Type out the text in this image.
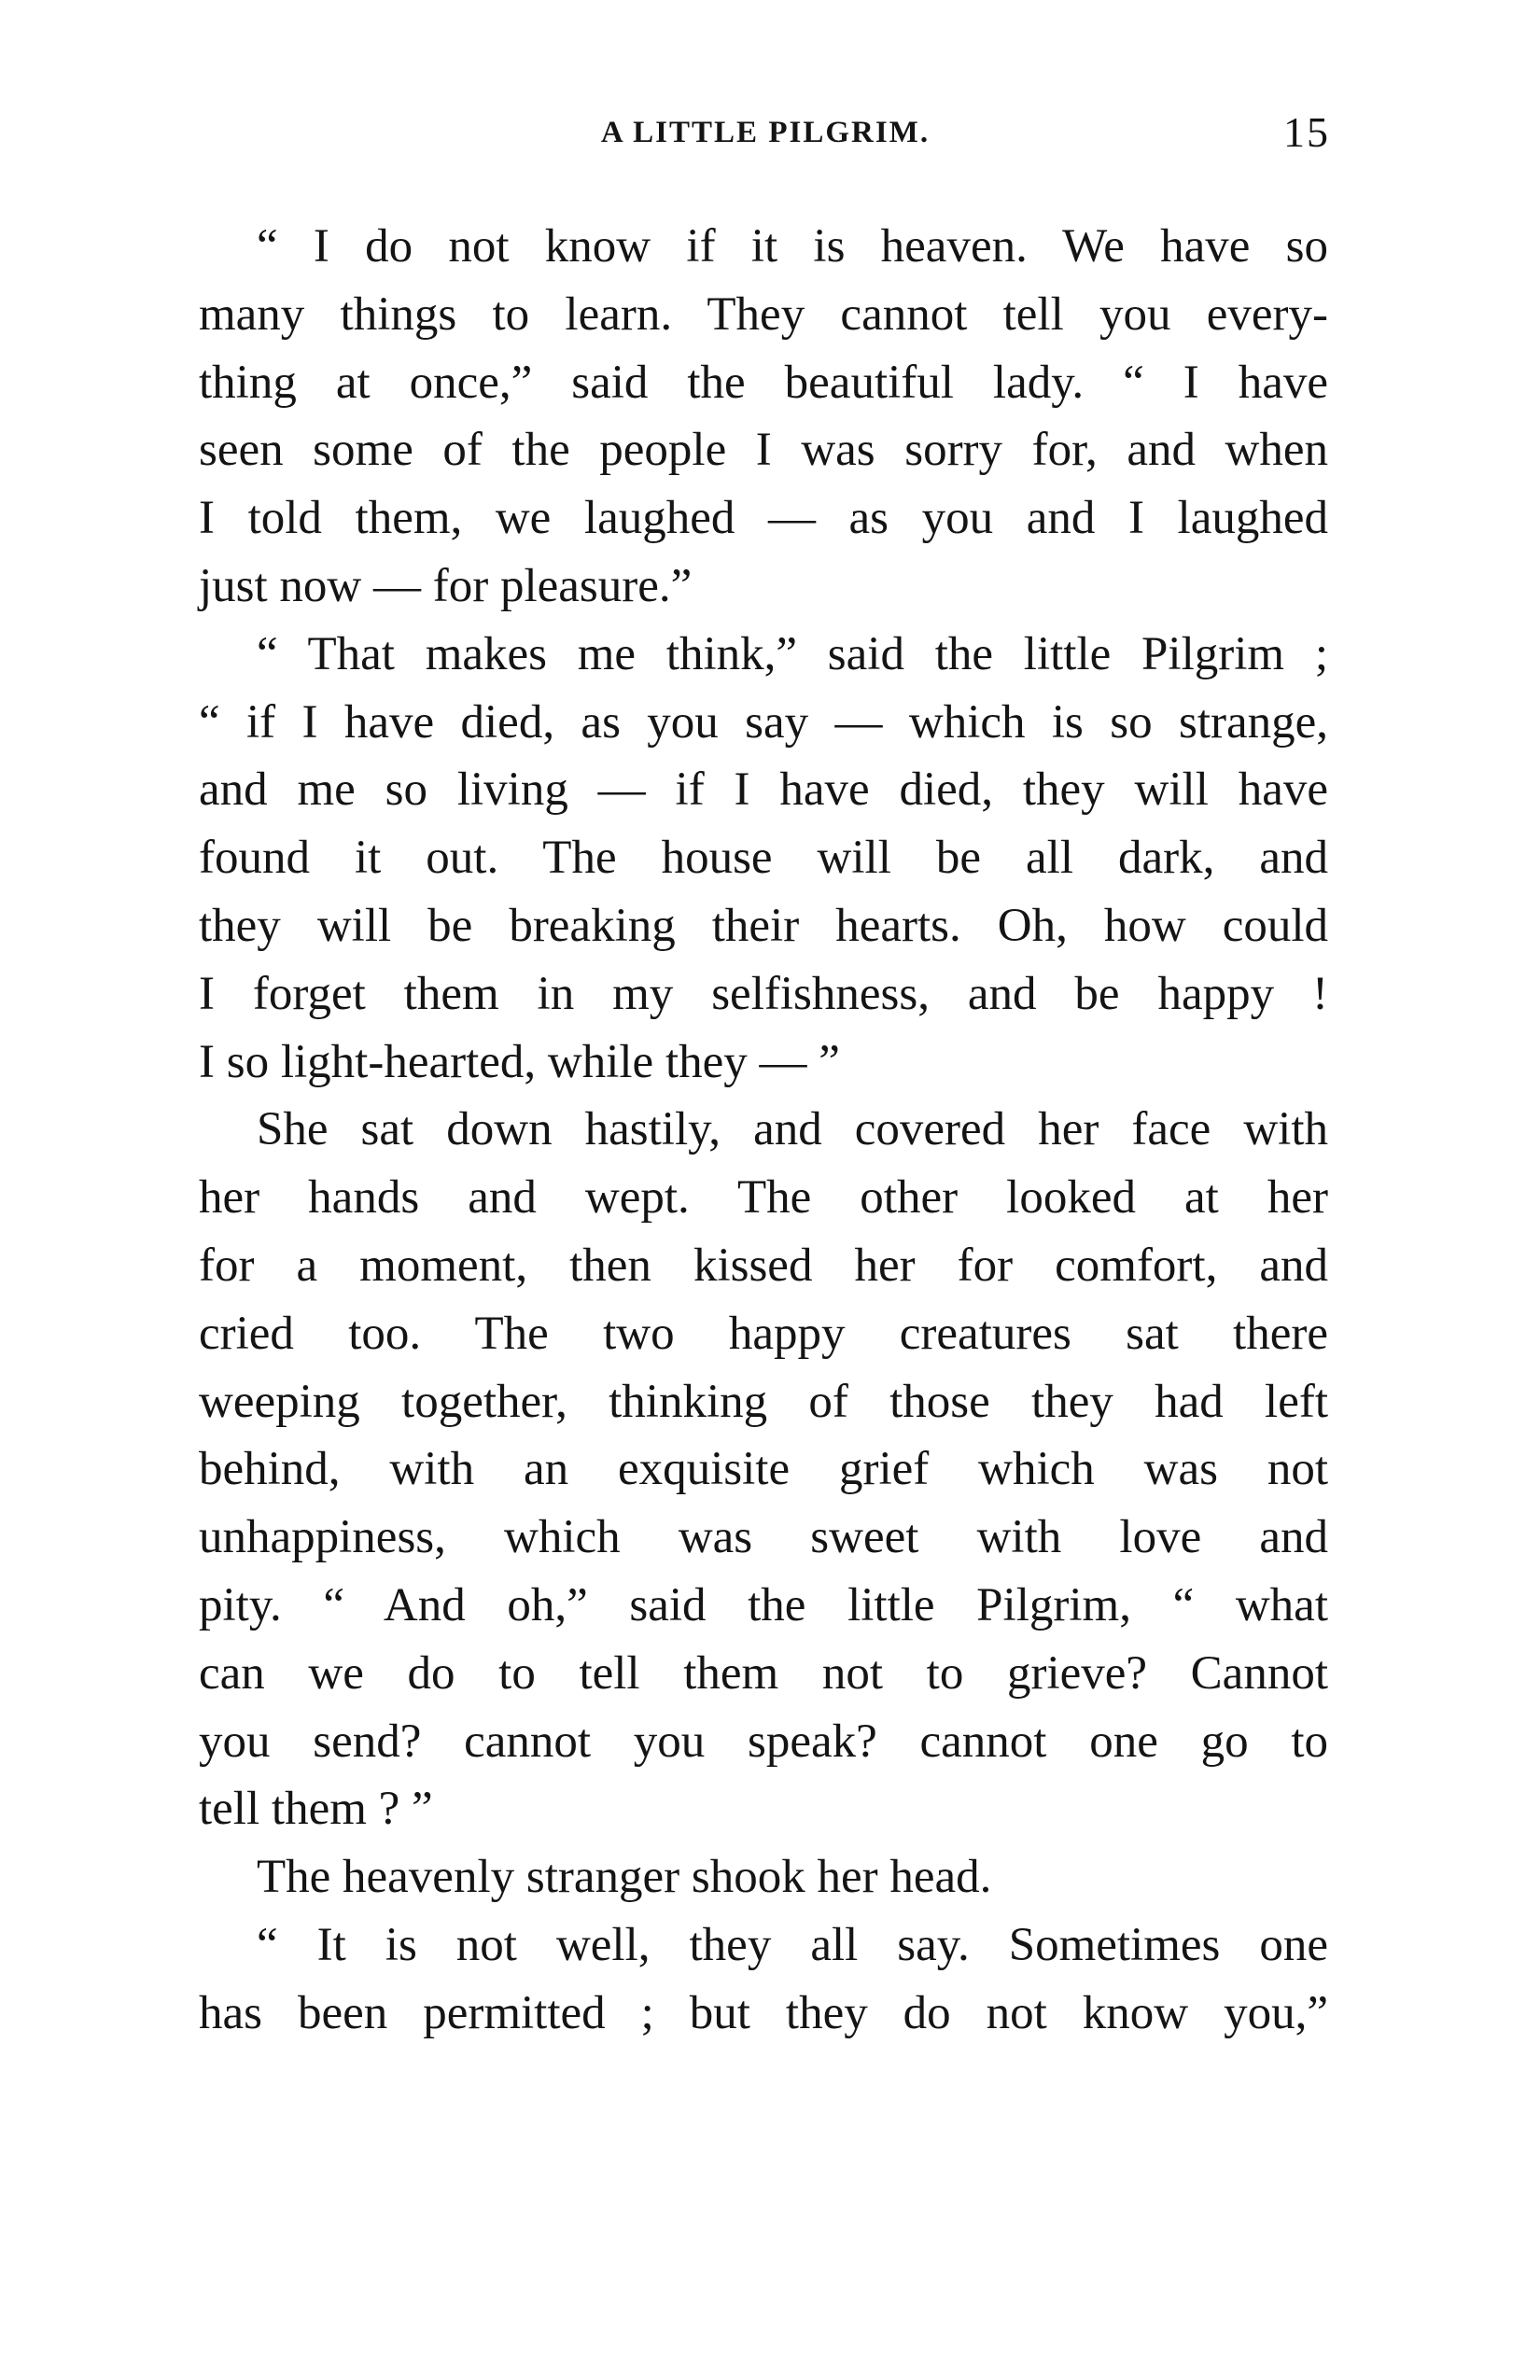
A LITTLE PILGRIM.	15
“ I do not know if it is heaven. We have so
many things to learn. They cannot tell you every-
thing at once,” said the beautiful lady. “ I have
seen some of the people I was sorry for, and when
I told them, we laughed — as you and I laughed
just now — for pleasure.”
“ That makes me think,” said the little Pilgrim ;
“ if I have died, as you say — which is so strange,
and me so living — if I have died, they will have
found it out. The house will be all dark, and
they will be breaking their hearts. Oh, how could
I forget them in my selfishness, and be happy !
I so light-hearted, while they — ”
She sat down hastily, and covered her face with
her hands and wept. The other looked at her
for a moment, then kissed her for comfort, and
cried too. The two happy creatures sat there
weeping together, thinking of those they had left
behind, with an exquisite grief which was not
unhappiness, which was sweet with love and
pity. “ And oh,” said the little Pilgrim, “ what
can we do to tell them not to grieve? Cannot
you send? cannot you speak? cannot one go to
tell them ? ”
The heavenly stranger shook her head.
“ It is not well, they all say. Sometimes one
has been permitted ; but they do not know you,”
